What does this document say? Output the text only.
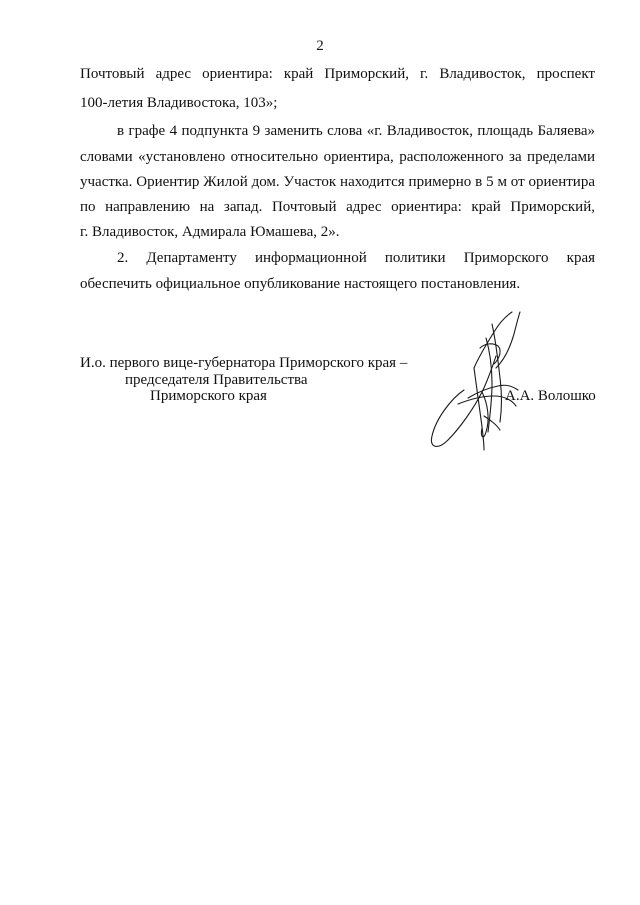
2
Почтовый адрес ориентира: край Приморский, г. Владивосток, проспект
100-летия Владивостока, 103»;
в графе 4 подпункта 9 заменить слова «г. Владивосток, площадь Баляева»
словами «установлено относительно ориентира, расположенного за пределами
участка. Ориентир Жилой дом. Участок находится примерно в 5 м от ориентира
по направлению на запад. Почтовый адрес ориентира: край Приморский,
г. Владивосток, Адмирала Юмашева, 2».
2. Департаменту информационной политики Приморского края
обеспечить официальное опубликование настоящего постановления.
И.о. первого вице-губернатора Приморского края –
председателя Правительства
Приморского края	А.А. Волошко
